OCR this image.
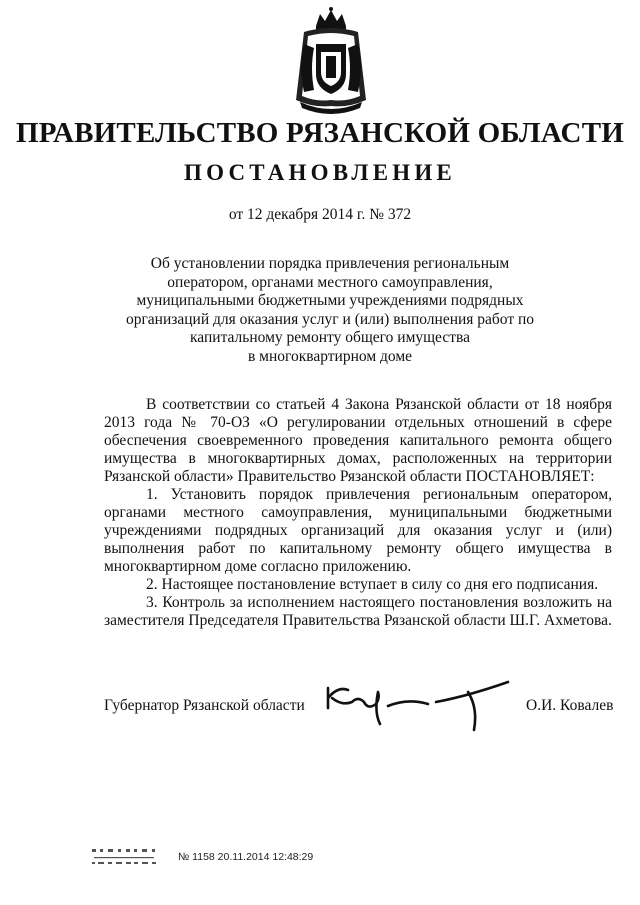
ПРАВИТЕЛЬСТВО РЯЗАНСКОЙ ОБЛАСТИ
ПОСТАНОВЛЕНИЕ
от 12 декабря 2014 г. № 372
Об установлении порядка привлечения региональным
оператором, органами местного самоуправления,
муниципальными бюджетными учреждениями подрядных
организаций для оказания услуг и (или) выполнения работ по
капитальному ремонту общего имущества
в многоквартирном доме

В соответствии со статьей 4 Закона Рязанской области от 18 ноября 2013 года № 70-ОЗ «О регулировании отдельных отношений в сфере обеспечения своевременного проведения капитального ремонта общего имущества в многоквартирных домах, расположенных на территории Рязанской области» Правительство Рязанской области ПОСТАНОВЛЯЕТ:

1. Установить порядок привлечения региональным оператором, органами местного самоуправления, муниципальными бюджетными учреждениями подрядных организаций для оказания услуг и (или) выполнения работ по капитальному ремонту общего имущества в многоквартирном доме согласно приложению.

2. Настоящее постановление вступает в силу со дня его подписания.

3. Контроль за исполнением настоящего постановления возложить на заместителя Председателя Правительства Рязанской области Ш.Г. Ахметова.

Губернатор Рязанской области	О.И. Ковалев
№ 1158 20.11.2014 12:48:29
